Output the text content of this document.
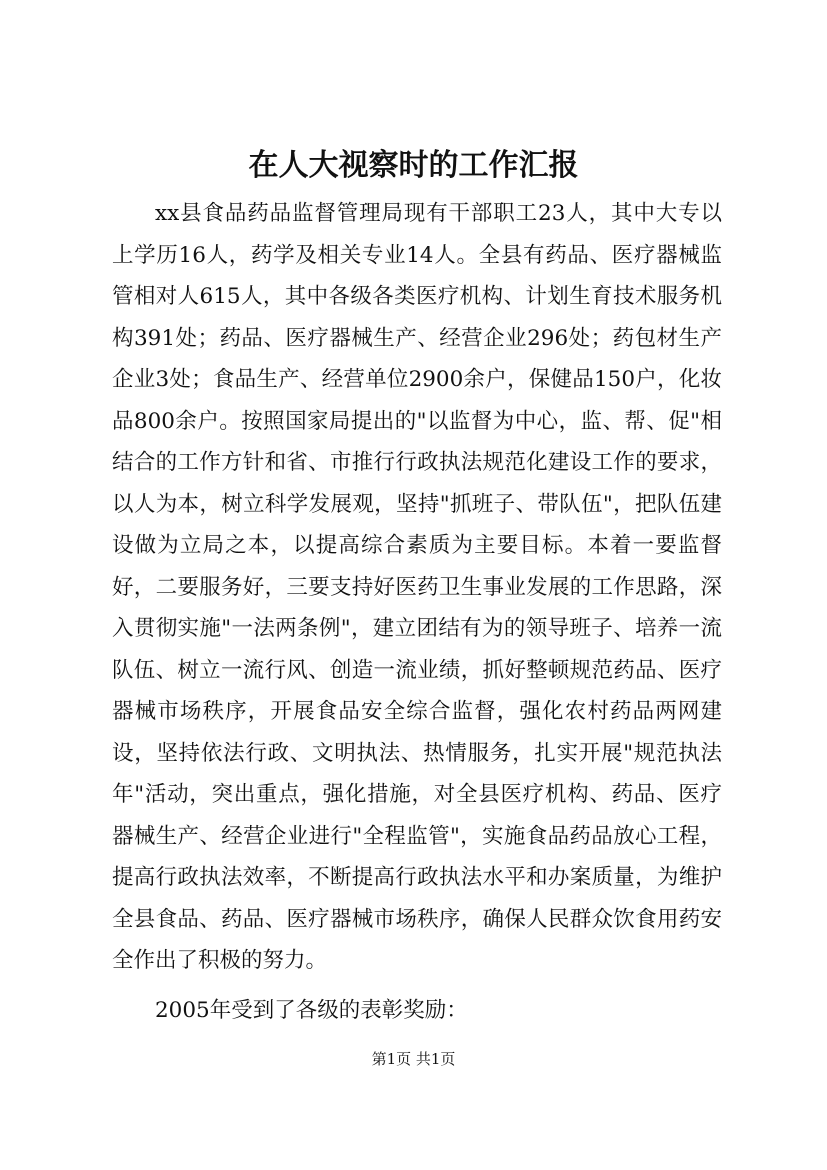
在人大视察时的工作汇报

xx县食品药品监督管理局现有干部职工23人，其中大专以上学历16人，药学及相关专业14人。全县有药品、医疗器械监管相对人615人，其中各级各类医疗机构、计划生育技术服务机构391处；药品、医疗器械生产、经营企业296处；药包材生产企业3处；食品生产、经营单位2900余户，保健品150户，化妆品800余户。按照国家局提出的"以监督为中心，监、帮、促"相结合的工作方针和省、市推行行政执法规范化建设工作的要求，以人为本，树立科学发展观，坚持"抓班子、带队伍"，把队伍建设做为立局之本，以提高综合素质为主要目标。本着一要监督好，二要服务好，三要支持好医药卫生事业发展的工作思路，深入贯彻实施"一法两条例"，建立团结有为的领导班子、培养一流队伍、树立一流行风、创造一流业绩，抓好整顿规范药品、医疗器械市场秩序，开展食品安全综合监督，强化农村药品两网建设，坚持依法行政、文明执法、热情服务，扎实开展"规范执法年"活动，突出重点，强化措施，对全县医疗机构、药品、医疗器械生产、经营企业进行"全程监管"，实施食品药品放心工程，提高行政执法效率，不断提高行政执法水平和办案质量，为维护全县食品、药品、医疗器械市场秩序，确保人民群众饮食用药安全作出了积极的努力。

2005年受到了各级的表彰奖励：

第1页 共1页
